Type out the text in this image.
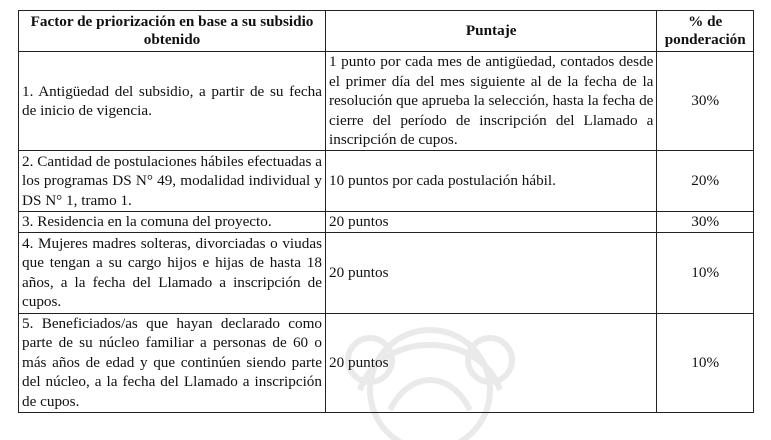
Factor de priorización en base a su subsidio obtenido	Puntaje	% de ponderación
1. Antigüedad del subsidio, a partir de su fecha de inicio de vigencia.	1 punto por cada mes de antigüedad, contados desde el primer día del mes siguiente al de la fecha de la resolución que aprueba la selección, hasta la fecha de cierre del período de inscripción del Llamado a inscripción de cupos.	30%
2. Cantidad de postulaciones hábiles efectuadas a los programas DS N° 49, modalidad individual y DS N° 1, tramo 1.	10 puntos por cada postulación hábil.	20%
3. Residencia en la comuna del proyecto.	20 puntos	30%
4. Mujeres madres solteras, divorciadas o viudas que tengan a su cargo hijos e hijas de hasta 18 años, a la fecha del Llamado a inscripción de cupos.	20 puntos	10%
5. Beneficiados/as que hayan declarado como parte de su núcleo familiar a personas de 60 o más años de edad y que continúen siendo parte del núcleo, a la fecha del Llamado a inscripción de cupos.	20 puntos	10%
